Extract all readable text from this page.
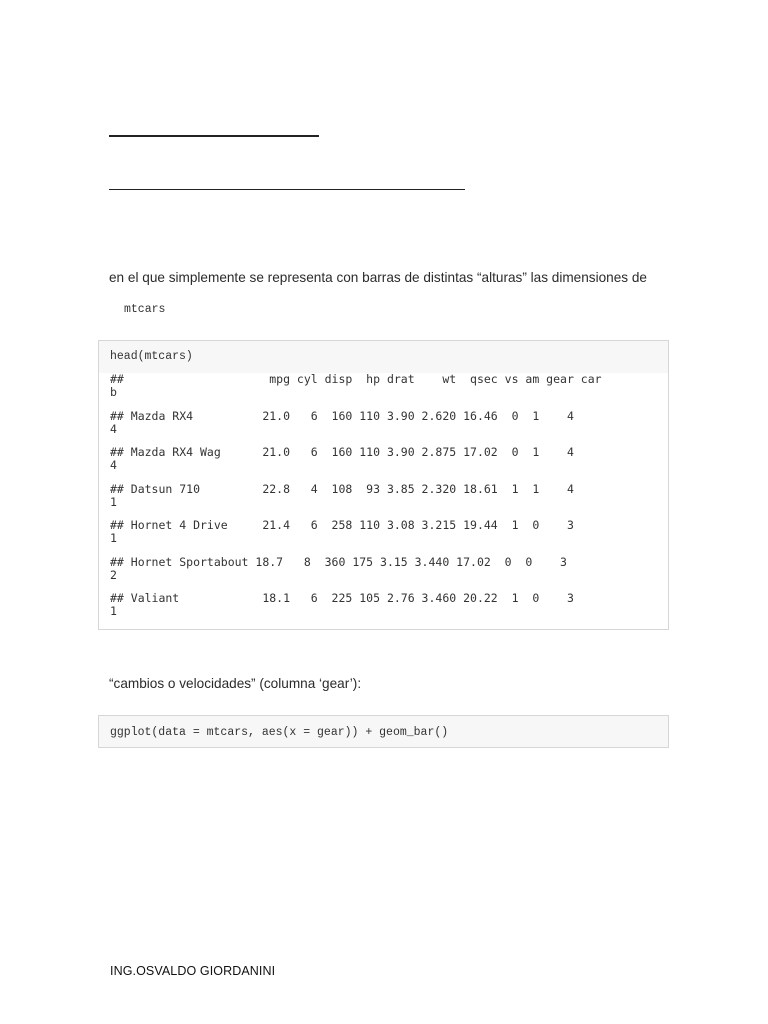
en el que simplemente se representa con barras de distintas “alturas” las dimensiones de
mtcars
head(mtcars)
##                     mpg cyl disp  hp drat    wt  qsec vs am gear car
b
## Mazda RX4          21.0   6  160 110 3.90 2.620 16.46  0  1    4
4
## Mazda RX4 Wag      21.0   6  160 110 3.90 2.875 17.02  0  1    4
4
## Datsun 710         22.8   4  108  93 3.85 2.320 18.61  1  1    4
1
## Hornet 4 Drive     21.4   6  258 110 3.08 3.215 19.44  1  0    3
1
## Hornet Sportabout 18.7   8  360 175 3.15 3.440 17.02  0  0    3
2
## Valiant            18.1   6  225 105 2.76 3.460 20.22  1  0    3
1
“cambios o velocidades” (columna ‘gear’):
ggplot(data = mtcars, aes(x = gear)) + geom_bar()
ING.OSVALDO GIORDANINI
